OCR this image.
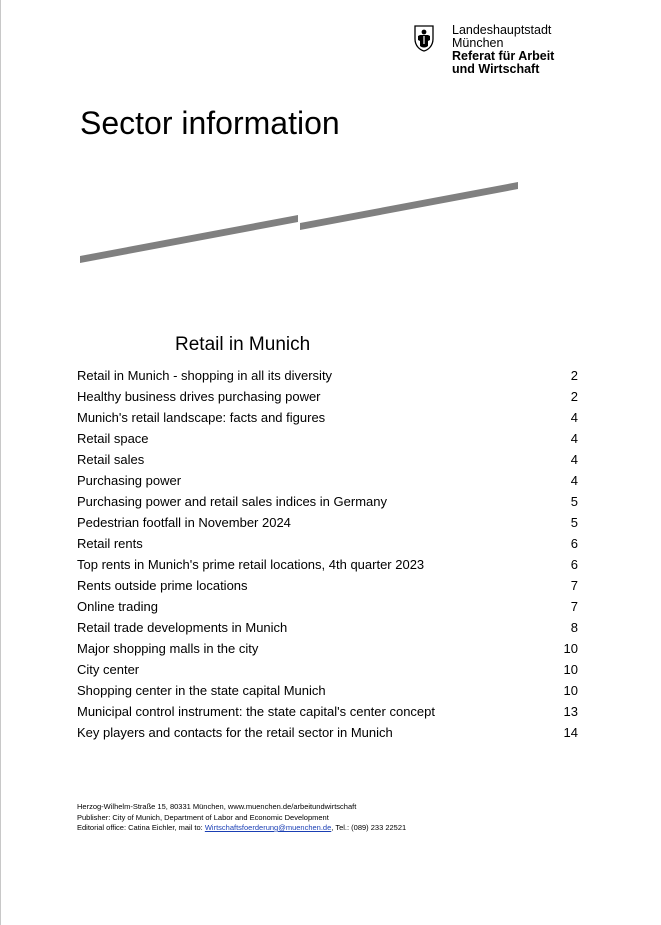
Landeshauptstadt
München
Referat für Arbeit
und Wirtschaft
Sector information
Retail in Munich
Retail in Munich - shopping in all its diversity	2
Healthy business drives purchasing power	2
Munich's retail landscape: facts and figures	4
Retail space	4
Retail sales	4
Purchasing power	4
Purchasing power and retail sales indices in Germany	5
Pedestrian footfall in November 2024	5
Retail rents	6
Top rents in Munich's prime retail locations, 4th quarter 2023	6
Rents outside prime locations	7
Online trading	7
Retail trade developments in Munich	8
Major shopping malls in the city	10
City center	10
Shopping center in the state capital Munich	10
Municipal control instrument: the state capital's center concept	13
Key players and contacts for the retail sector in Munich	14
Herzog-Wilhelm-Straße 15, 80331 München, www.muenchen.de/arbeitundwirtschaft
Publisher: City of Munich, Department of Labor and Economic Development
Editorial office: Catina Eichler, mail to: Wirtschaftsfoerderung@muenchen.de, Tel.: (089) 233 22521
